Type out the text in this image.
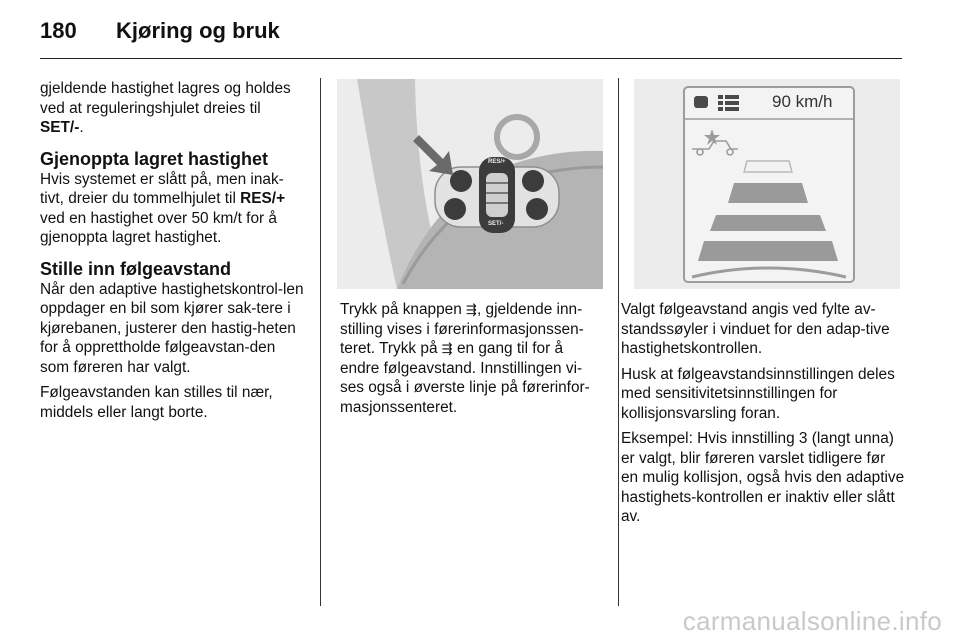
180 Kjøring og bruk

gjeldende hastighet lagres og holdes ved at reguleringshjulet dreies til SET/-.

Gjenoppta lagret hastighet

Hvis systemet er slått på, men inak-tivt, dreier du tommelhjulet til RES/+ ved en hastighet over 50 km/t for å gjenoppta lagret hastighet.

Stille inn følgeavstand

Når den adaptive hastighetskontrol-len oppdager en bil som kjører sak-tere i kjørebanen, justerer den hastig-heten for å opprettholde følgeavstan-den som føreren har valgt.

Følgeavstanden kan stilles til nær, middels eller langt borte.

RES/+
SET/-

Trykk på knappen ⇶, gjeldende inn-stilling vises i førerinformasjonssen-teret. Trykk på ⇶ en gang til for å endre følgeavstand. Innstillingen vi-ses også i øverste linje på førerinfor-masjonssenteret.

90 km/h

Valgt følgeavstand angis ved fylte av-standssøyler i vinduet for den adap-tive hastighetskontrollen.

Husk at følgeavstandsinnstillingen deles med sensitivitetsinnstillingen for kollisjonsvarsling foran.

Eksempel: Hvis innstilling 3 (langt unna) er valgt, blir føreren varslet tidligere før en mulig kollisjon, også hvis den adaptive hastighets-kontrollen er inaktiv eller slått av.

carmanualsonline.info
